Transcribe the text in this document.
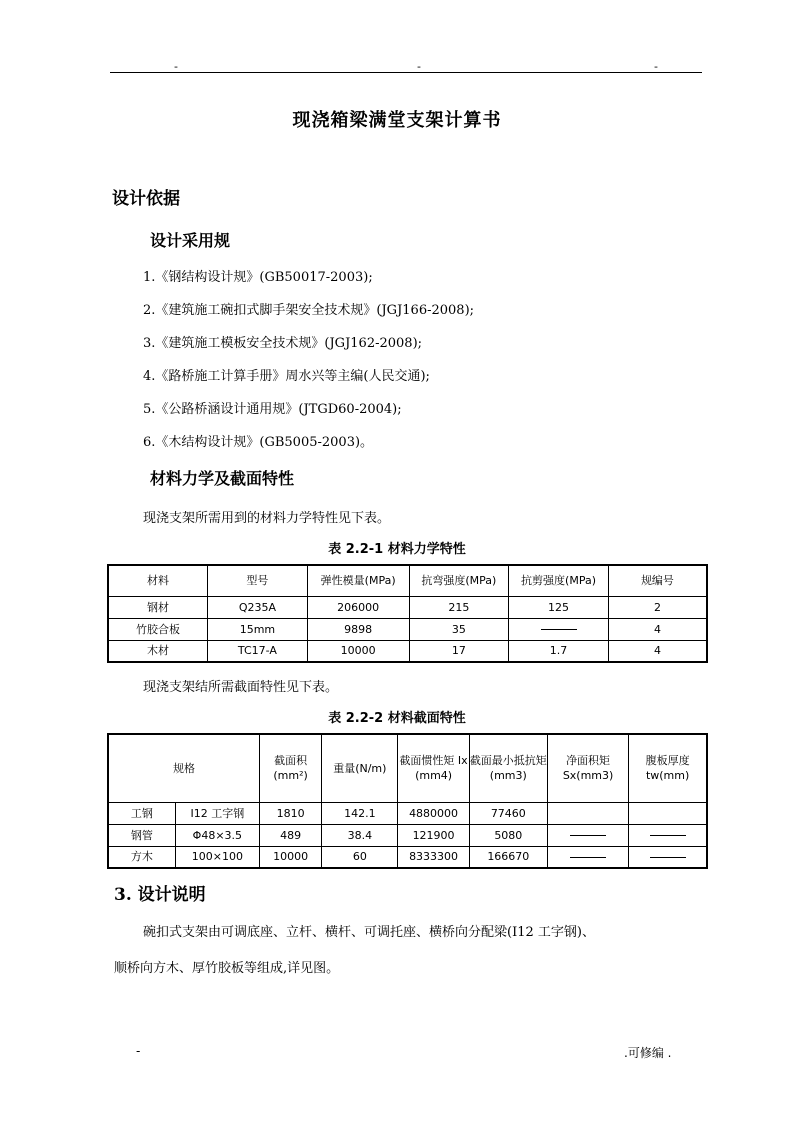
-	-	-
现浇箱梁满堂支架计算书
设计依据
设计采用规
1.《钢结构设计规》(GB50017-2003);
2.《建筑施工碗扣式脚手架安全技术规》(JGJ166-2008);
3.《建筑施工模板安全技术规》(JGJ162-2008);
4.《路桥施工计算手册》周水兴等主编(人民交通);
5.《公路桥涵设计通用规》(JTGD60-2004);
6.《木结构设计规》(GB5005-2003)。
材料力学及截面特性
现浇支架所需用到的材料力学特性见下表。
表 2.2-1 材料力学特性
材料	型号	弹性模量(MPa)	抗弯强度(MPa)	抗剪强度(MPa)	规编号
钢材	Q235A	206000	215	125	2
竹胶合板	15mm	9898	35		4
木材	TC17-A	10000	17	1.7	4
现浇支架结所需截面特性见下表。
表 2.2-2 材料截面特性
规格		截面积 (mm²)	重量(N/m)	截面惯性矩 Ix (mm4)	截面最小抵抗矩 (mm3)	净面积矩 Sx(mm3)	腹板厚度 tw(mm)
工钢	I12 工字钢	1810	142.1	4880000	77460		
钢管	Φ48×3.5	489	38.4	121900	5080		
方木	100×100	10000	60	8333300	166670		
3. 设计说明
碗扣式支架由可调底座、立杆、横杆、可调托座、横桥向分配梁(I12 工字钢)、
顺桥向方木、厚竹胶板等组成,详见图。
-	.可修编 .
